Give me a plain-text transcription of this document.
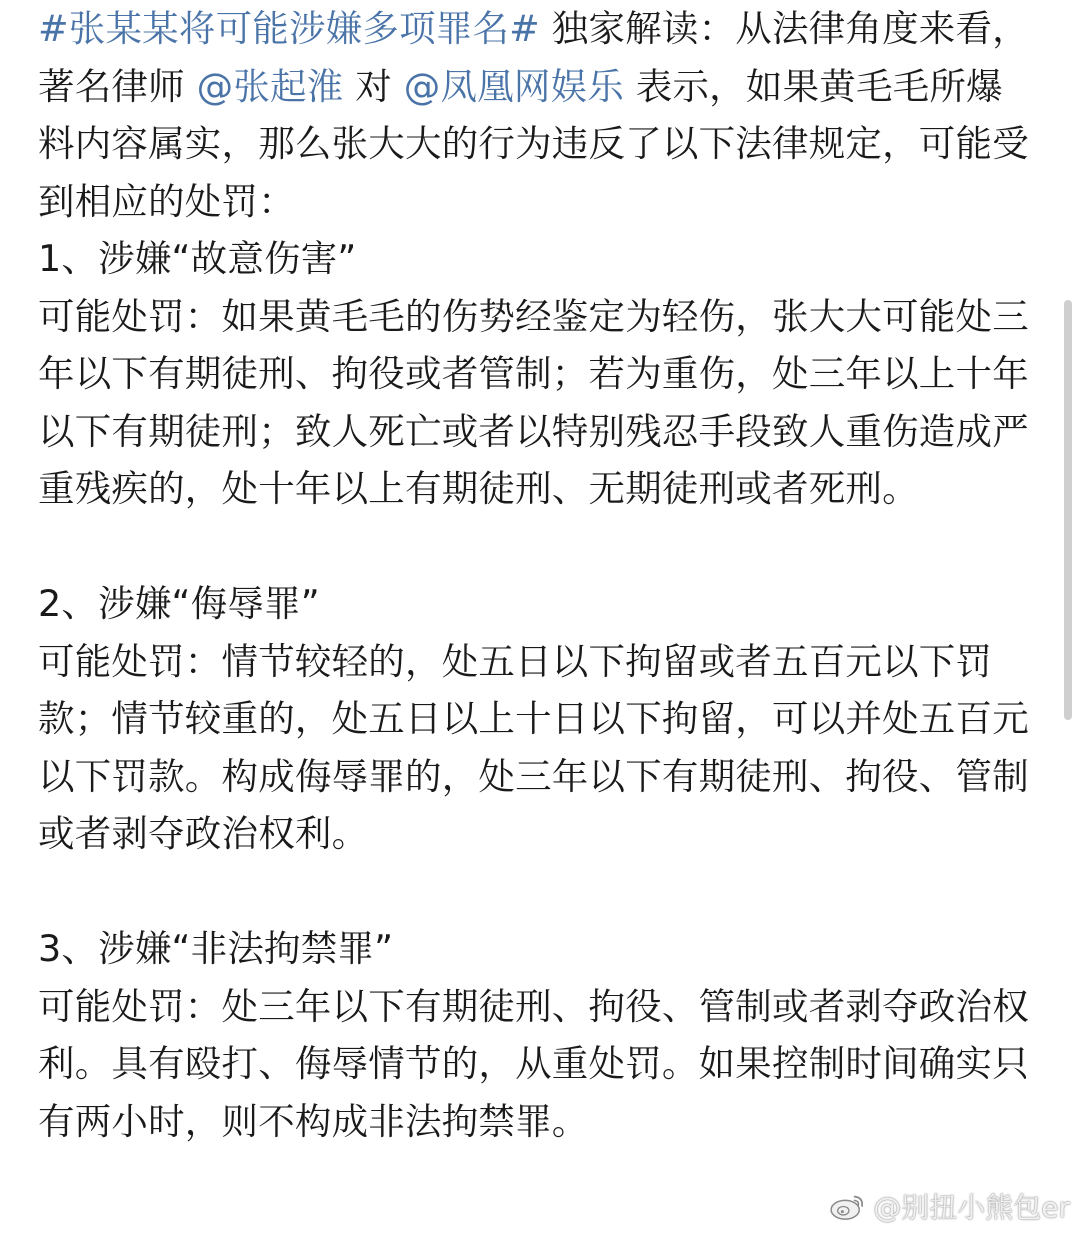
#张某某将可能涉嫌多项罪名# 独家解读：从法律角度来看，著名律师 @张起淮 对 @凤凰网娱乐 表示，如果黄毛毛所爆料内容属实，那么张大大的行为违反了以下法律规定，可能受到相应的处罚：

1、涉嫌“故意伤害”

可能处罚：如果黄毛毛的伤势经鉴定为轻伤，张大大可能处三年以下有期徒刑、拘役或者管制；若为重伤，处三年以上十年以下有期徒刑；致人死亡或者以特别残忍手段致人重伤造成严重残疾的，处十年以上有期徒刑、无期徒刑或者死刑。

2、涉嫌“侮辱罪”

可能处罚：情节较轻的，处五日以下拘留或者五百元以下罚款；情节较重的，处五日以上十日以下拘留，可以并处五百元以下罚款。构成侮辱罪的，处三年以下有期徒刑、拘役、管制或者剥夺政治权利。

3、涉嫌“非法拘禁罪”

可能处罚：处三年以下有期徒刑、拘役、管制或者剥夺政治权利。具有殴打、侮辱情节的，从重处罚。如果控制时间确实只有两小时，则不构成非法拘禁罪。

@别扭小熊包er
